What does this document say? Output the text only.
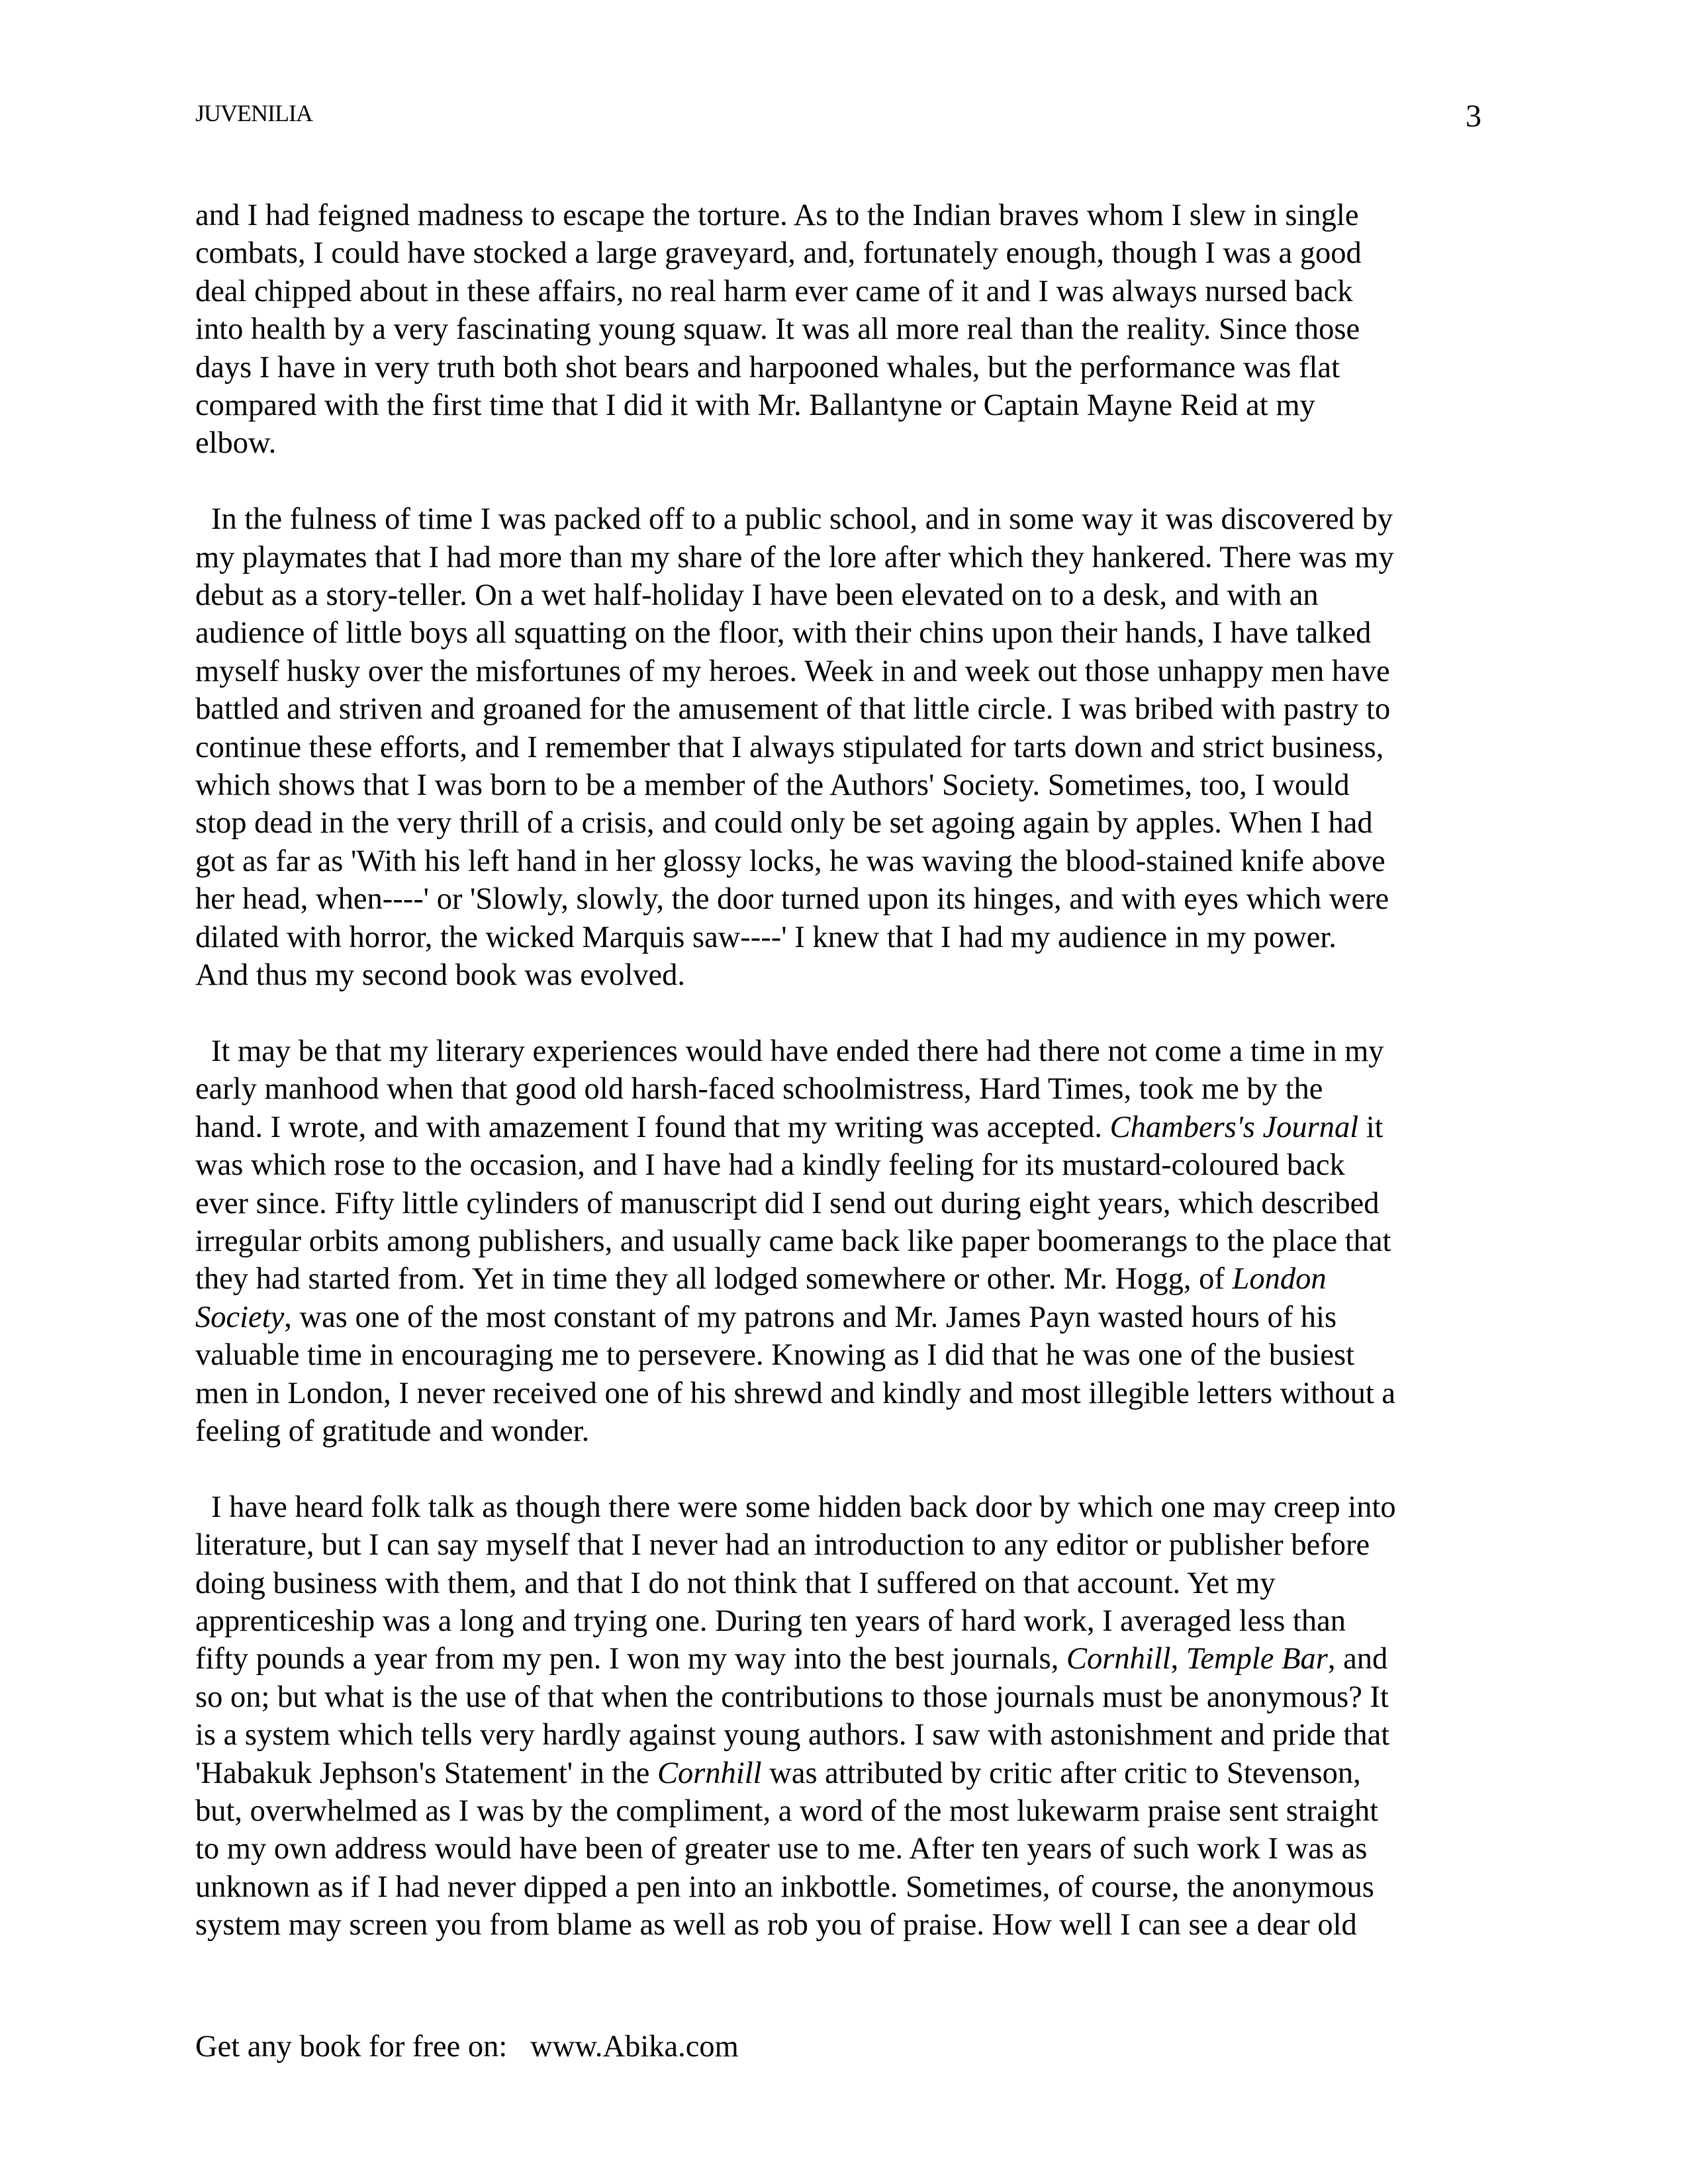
JUVENILIA	3

and I had feigned madness to escape the torture. As to the Indian braves whom I slew in single
combats, I could have stocked a large graveyard, and, fortunately enough, though I was a good
deal chipped about in these affairs, no real harm ever came of it and I was always nursed back
into health by a very fascinating young squaw. It was all more real than the reality. Since those
days I have in very truth both shot bears and harpooned whales, but the performance was flat
compared with the first time that I did it with Mr. Ballantyne or Captain Mayne Reid at my
elbow.

In the fulness of time I was packed off to a public school, and in some way it was discovered by
my playmates that I had more than my share of the lore after which they hankered. There was my
debut as a story-teller. On a wet half-holiday I have been elevated on to a desk, and with an
audience of little boys all squatting on the floor, with their chins upon their hands, I have talked
myself husky over the misfortunes of my heroes. Week in and week out those unhappy men have
battled and striven and groaned for the amusement of that little circle. I was bribed with pastry to
continue these efforts, and I remember that I always stipulated for tarts down and strict business,
which shows that I was born to be a member of the Authors' Society. Sometimes, too, I would
stop dead in the very thrill of a crisis, and could only be set agoing again by apples. When I had
got as far as 'With his left hand in her glossy locks, he was waving the blood-stained knife above
her head, when----' or 'Slowly, slowly, the door turned upon its hinges, and with eyes which were
dilated with horror, the wicked Marquis saw----' I knew that I had my audience in my power.
And thus my second book was evolved.

It may be that my literary experiences would have ended there had there not come a time in my
early manhood when that good old harsh-faced schoolmistress, Hard Times, took me by the
hand. I wrote, and with amazement I found that my writing was accepted. Chambers's Journal it
was which rose to the occasion, and I have had a kindly feeling for its mustard-coloured back
ever since. Fifty little cylinders of manuscript did I send out during eight years, which described
irregular orbits among publishers, and usually came back like paper boomerangs to the place that
they had started from. Yet in time they all lodged somewhere or other. Mr. Hogg, of London
Society, was one of the most constant of my patrons and Mr. James Payn wasted hours of his
valuable time in encouraging me to persevere. Knowing as I did that he was one of the busiest
men in London, I never received one of his shrewd and kindly and most illegible letters without a
feeling of gratitude and wonder.

I have heard folk talk as though there were some hidden back door by which one may creep into
literature, but I can say myself that I never had an introduction to any editor or publisher before
doing business with them, and that I do not think that I suffered on that account. Yet my
apprenticeship was a long and trying one. During ten years of hard work, I averaged less than
fifty pounds a year from my pen. I won my way into the best journals, Cornhill, Temple Bar, and
so on; but what is the use of that when the contributions to those journals must be anonymous? It
is a system which tells very hardly against young authors. I saw with astonishment and pride that
'Habakuk Jephson's Statement' in the Cornhill was attributed by critic after critic to Stevenson,
but, overwhelmed as I was by the compliment, a word of the most lukewarm praise sent straight
to my own address would have been of greater use to me. After ten years of such work I was as
unknown as if I had never dipped a pen into an inkbottle. Sometimes, of course, the anonymous
system may screen you from blame as well as rob you of praise. How well I can see a dear old

Get any book for free on:   www.Abika.com
